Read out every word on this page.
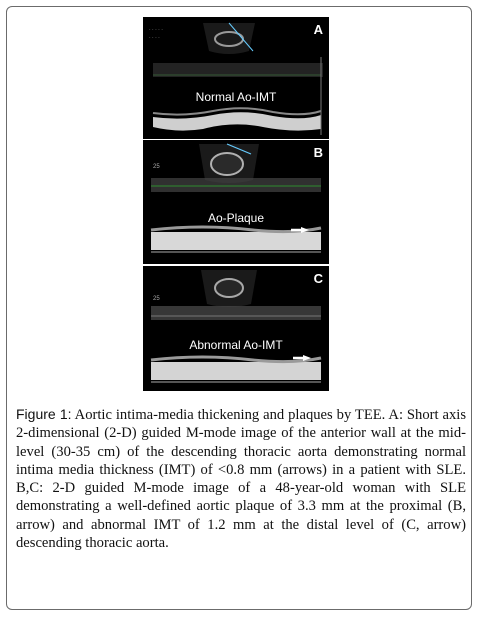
· · · · ·
· · · ·
A
Normal Ao-IMT
25
B
Ao-Plaque
25
C
Abnormal Ao-IMT
Figure 1: Aortic intima-media thickening and plaques by TEE. A: Short axis 2-dimensional (2-D) guided M-mode image of the anterior wall at the mid-level (30-35 cm) of the descending thoracic aorta demonstrating normal intima media thickness (IMT) of <0.8 mm (arrows) in a patient with SLE. B,C: 2-D guided M-mode image of a 48-year-old woman with SLE demonstrating a well-defined aortic plaque of 3.3 mm at the proximal (B, arrow) and abnormal IMT of 1.2 mm at the distal level of (C, arrow) descending thoracic aorta.
